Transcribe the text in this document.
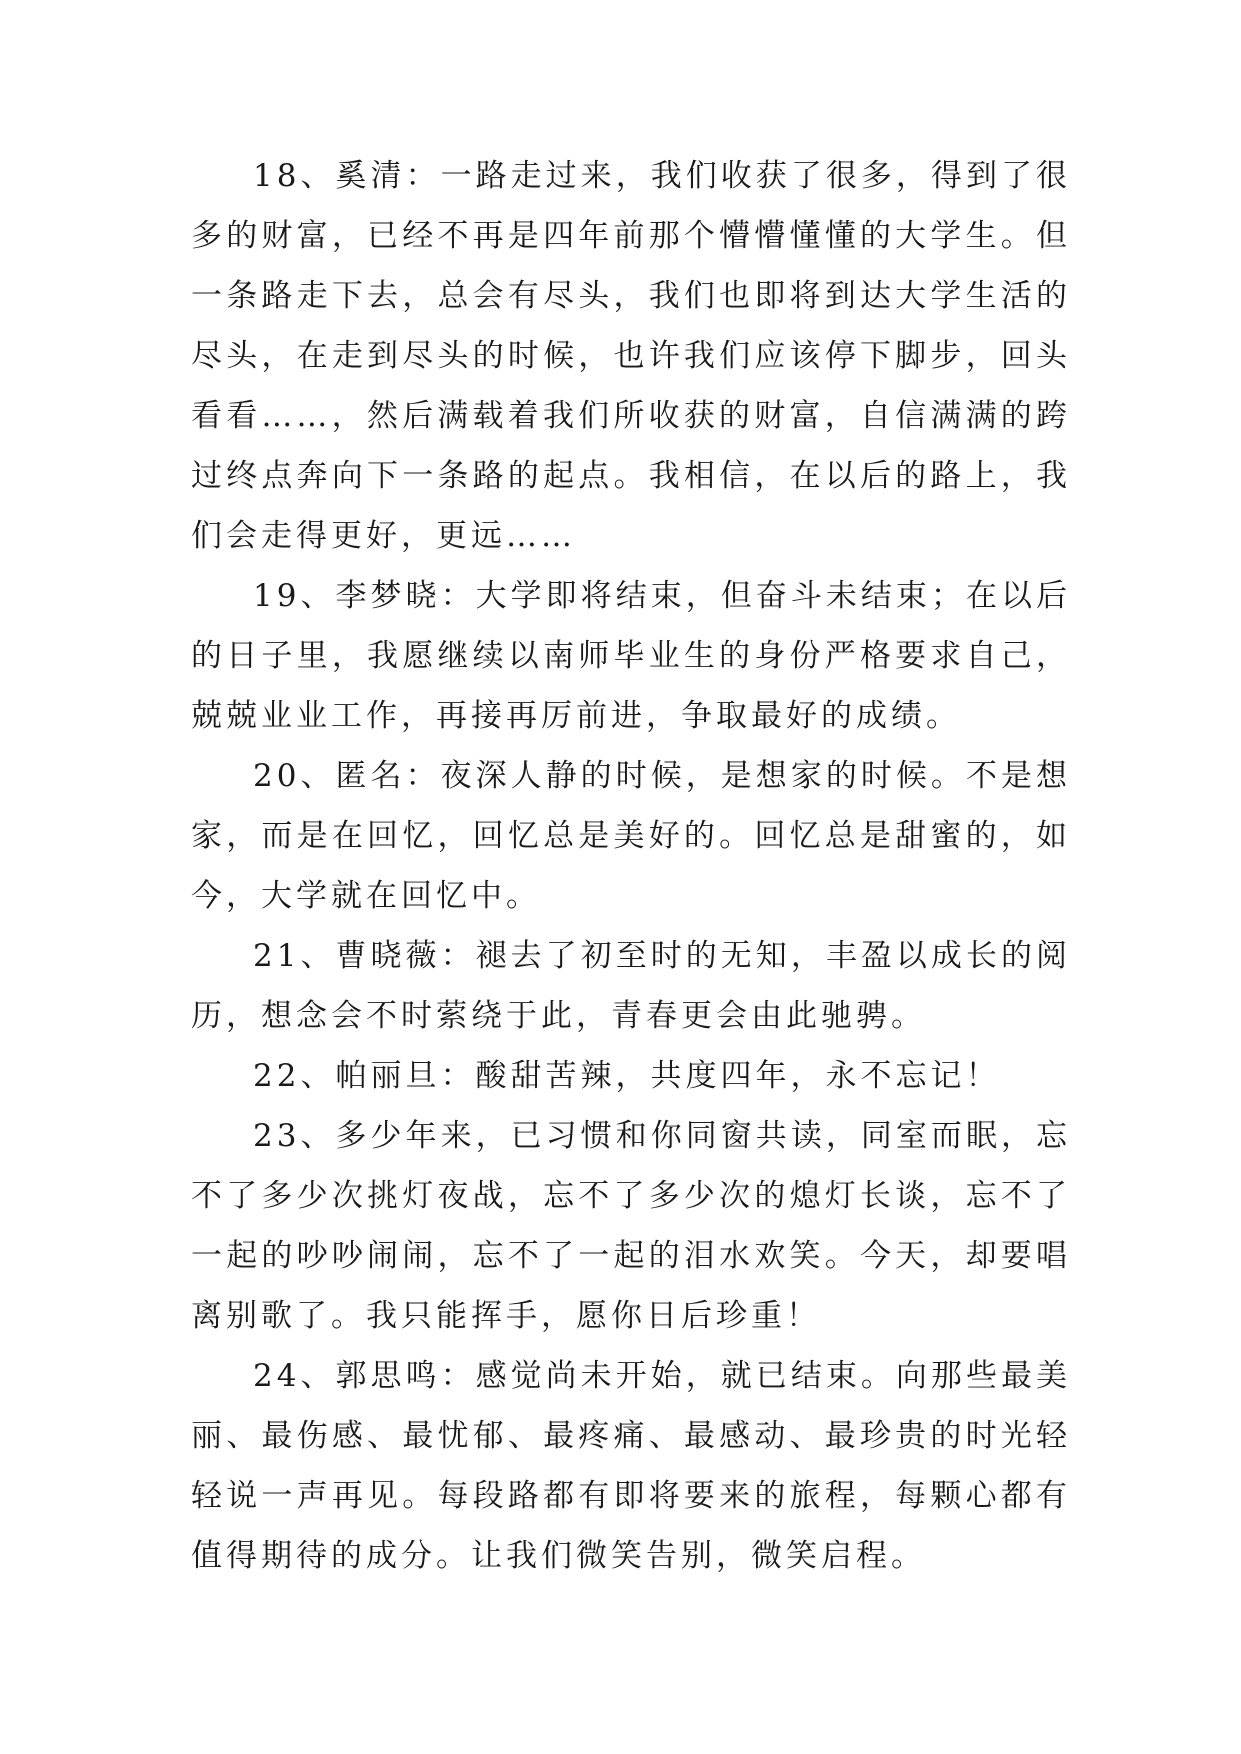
18、奚清：一路走过来，我们收获了很多，得到了很多的财富，已经不再是四年前那个懵懵懂懂的大学生。但一条路走下去，总会有尽头，我们也即将到达大学生活的尽头，在走到尽头的时候，也许我们应该停下脚步，回头看看……，然后满载着我们所收获的财富，自信满满的跨过终点奔向下一条路的起点。我相信，在以后的路上，我们会走得更好，更远……

19、李梦晓：大学即将结束，但奋斗未结束；在以后的日子里，我愿继续以南师毕业生的身份严格要求自己，兢兢业业工作，再接再厉前进，争取最好的成绩。

20、匿名：夜深人静的时候，是想家的时候。不是想家，而是在回忆，回忆总是美好的。回忆总是甜蜜的，如今，大学就在回忆中。

21、曹晓薇：褪去了初至时的无知，丰盈以成长的阅历，想念会不时萦绕于此，青春更会由此驰骋。

22、帕丽旦：酸甜苦辣，共度四年，永不忘记！

23、多少年来，已习惯和你同窗共读，同室而眠，忘不了多少次挑灯夜战，忘不了多少次的熄灯长谈，忘不了一起的吵吵闹闹，忘不了一起的泪水欢笑。今天，却要唱离别歌了。我只能挥手，愿你日后珍重！

24、郭思鸣：感觉尚未开始，就已结束。向那些最美丽、最伤感、最忧郁、最疼痛、最感动、最珍贵的时光轻轻说一声再见。每段路都有即将要来的旅程，每颗心都有值得期待的成分。让我们微笑告别，微笑启程。
